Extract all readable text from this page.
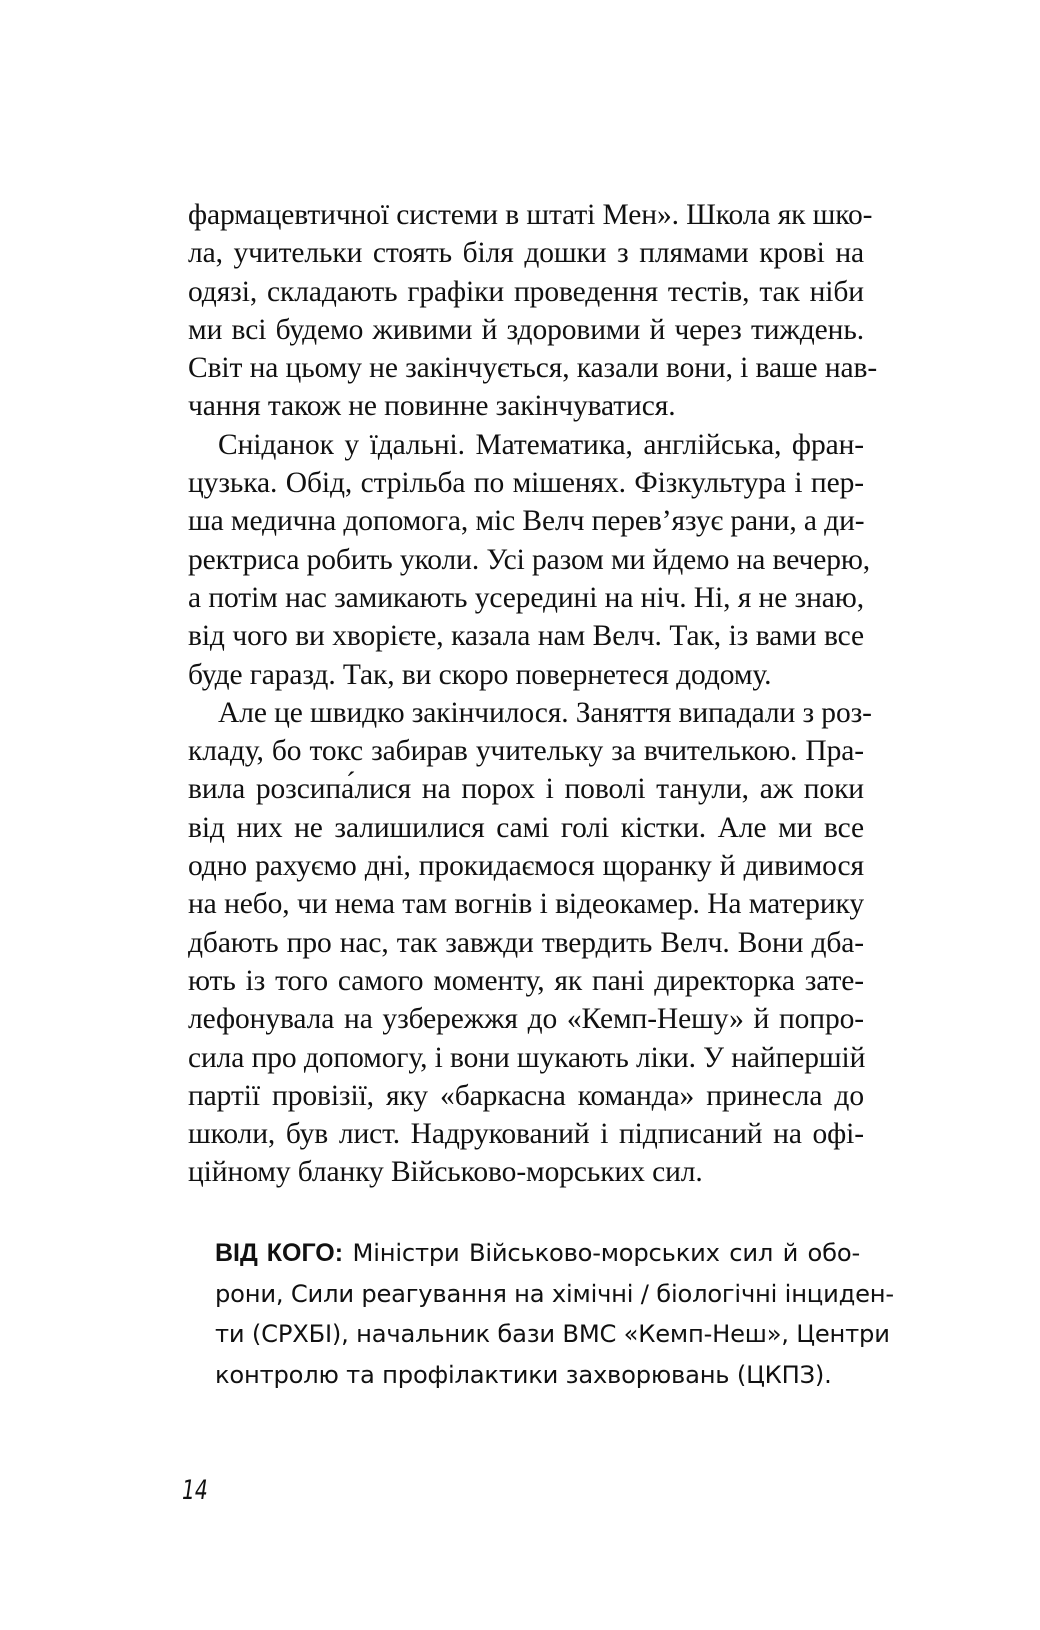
фармацевтичної системи в штаті Мен». Школа як шко-
ла, учительки стоять біля дошки з плямами крові на
одязі, складають графіки проведення тестів, так ніби
ми всі будемо живими й здоровими й через тиждень.
Світ на цьому не закінчується, казали вони, і ваше нав-
чання також не повинне закінчуватися.

Сніданок у їдальні. Математика, англійська, фран-
цузька. Обід, стрільба по мішенях. Фізкультура і пер-
ша медична допомога, міс Велч перев’язує рани, а ди-
ректриса робить уколи. Усі разом ми йдемо на вечерю,
а потім нас замикають усередині на ніч. Ні, я не знаю,
від чого ви хворієте, казала нам Велч. Так, із вами все
буде гаразд. Так, ви скоро повернетеся додому.

Але це швидко закінчилося. Заняття випадали з роз-
кладу, бо токс забирав учительку за вчителькою. Пра-
вила розсипа́лися на порох і поволі танули, аж поки
від них не залишилися самі голі кістки. Але ми все
одно рахуємо дні, прокидаємося щоранку й дивимося
на небо, чи нема там вогнів і відеокамер. На материку
дбають про нас, так завжди твердить Велч. Вони дба-
ють із того самого моменту, як пані директорка зате-
лефонувала на узбережжя до «Кемп-Нешу» й попро-
сила про допомогу, і вони шукають ліки. У найпершій
партії провізії, яку «баркасна команда» принесла до
школи, був лист. Надрукований і підписаний на офі-
ційному бланку Військово-морських сил.

ВІД КОГО: Міністри Військово-морських сил й обо-
рони, Сили реагування на хімічні / біологічні інциден-
ти (СРХБІ), начальник бази ВМС «Кемп-Неш», Центри
контролю та профілактики захворювань (ЦКПЗ).
14
